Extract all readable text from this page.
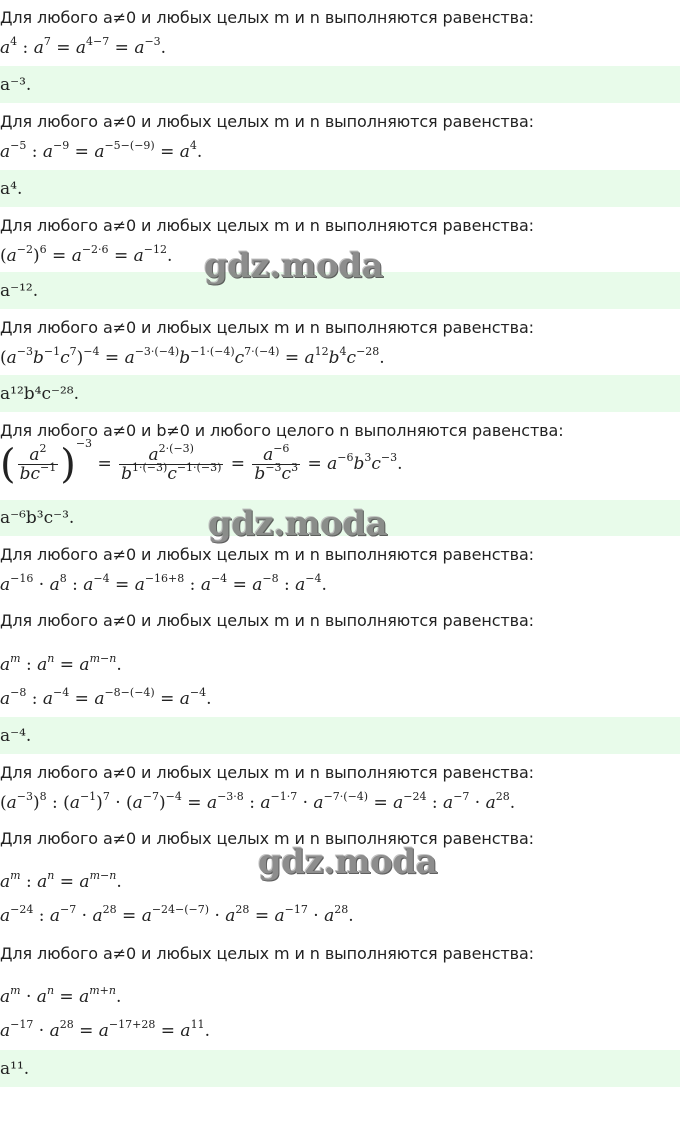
Для любого a≠0 и любых целых m и n выполняются равенства:
$a^4$ : $a^7 = a^{4-7} = a^{-3}$.
a⁻³.
Для любого a≠0 и любых целых m и n выполняются равенства:
$a^{-5}$ : $a^{-9} = a^{-5-(-9)} = a^4$.
a⁴.
Для любого a≠0 и любых целых m и n выполняются равенства:
$(a^{-2})^6 = a^{-2\cdot 6} = a^{-12}$.
a⁻¹².
Для любого a≠0 и любых целых m и n выполняются равенства:
$(a^{-3}b^{-1}c^7)^{-4} = a^{-3\cdot(-4)}b^{-1\cdot(-4)}c^{7\cdot(-4)} = a^{12}b^4c^{-28}$.
a¹²b⁴c⁻²⁸.
Для любого a≠0 и b≠0 и любого целого n выполняются равенства:
( $\frac{a^2}{bc^{-1}} )^{-3} = \frac{a^{2\cdot(-3)}}{b^{1\cdot(-3)}c^{-1\cdot(-3)}} = \frac{a^{-6}}{b^{-3}c^3} = a^{-6}b^3c^{-3}$.
a⁻⁶b³c⁻³.
Для любого a≠0 и любых целых m и n выполняются равенства:
$a^{-16} \cdot a^8$ : $a^{-4} = a^{-16+8}$ : $a^{-4} = a^{-8}$ : $a^{-4}$.
Для любого a≠0 и любых целых m и n выполняются равенства:
$a^m$ : $a^n = a^{m-n}$.
$a^{-8}$ : $a^{-4} = a^{-8-(-4)} = a^{-4}$.
a⁻⁴.
Для любого a≠0 и любых целых m и n выполняются равенства:
$(a^{-3})^8$ : $(a^{-1})^7 \cdot (a^{-7})^{-4} = a^{-3\cdot 8}$ : $a^{-1\cdot 7} \cdot a^{-7\cdot(-4)} = a^{-24}$ : $a^{-7} \cdot a^{28}$.
Для любого a≠0 и любых целых m и n выполняются равенства:
$a^m$ : $a^n = a^{m-n}$.
$a^{-24}$ : $a^{-7} \cdot a^{28} = a^{-24-(-7)} \cdot a^{28} = a^{-17} \cdot a^{28}$.
Для любого a≠0 и любых целых m и n выполняются равенства:
$a^m \cdot a^n = a^{m+n}$.
$a^{-17} \cdot a^{28} = a^{-17+28} = a^{11}$.
a¹¹.
gdz.moda
gdz.moda
gdz.moda
